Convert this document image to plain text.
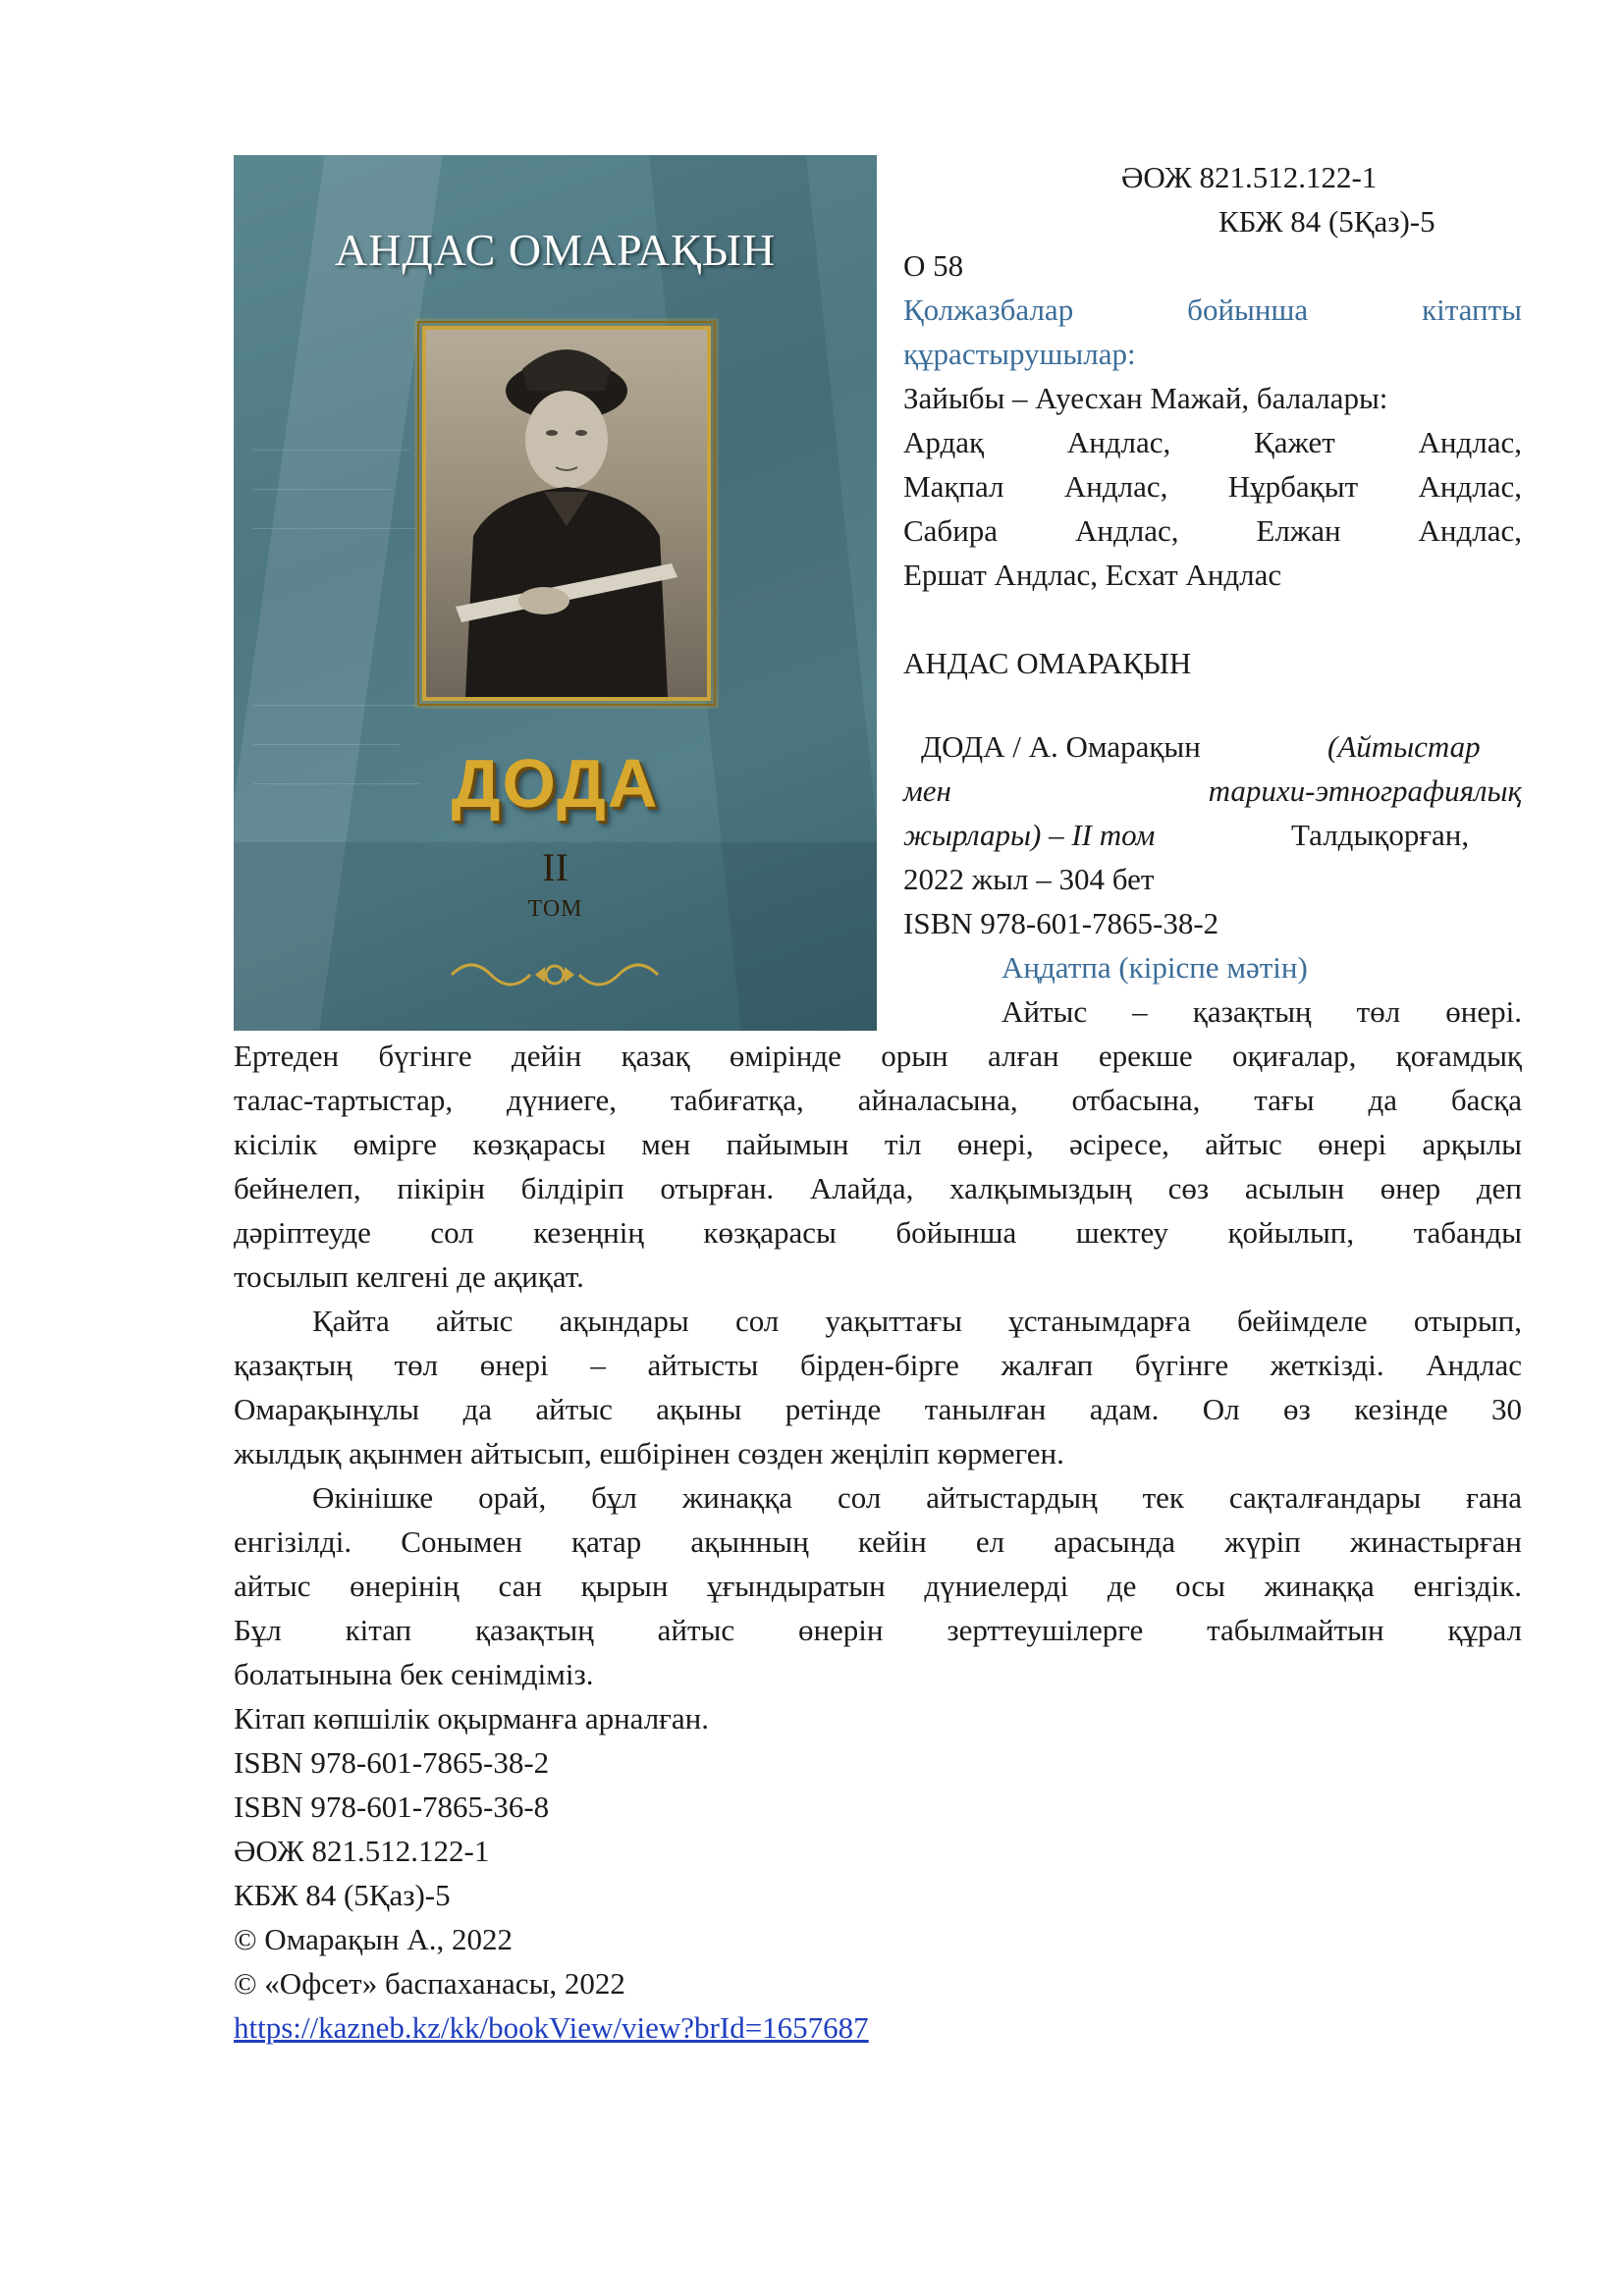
АНДАС ОМАРАҚЫН
ДОДА
II
ТОМ
ӘОЖ 821.512.122-1
КБЖ 84 (5Қаз)-5
О 58
Қолжазбалар бойынша кітапты
құрастырушылар:
Зайыбы – Ауесхан Мажай, балалары:
Ардақ Андлас, Қажет Андлас,
Мақпал Андлас, Нұрбақыт Андлас,
Сабира Андлас, Елжан Андлас,
Ершат Андлас, Есхат Андлас
АНДАС ОМАРАҚЫН
ДОДА / А. Омарақын	(Айтыстар
мен тарихи-этнографиялық
жырлары) – II том	Талдықорған,
2022 жыл – 304 бет
ISBN 978-601-7865-38-2
Аңдатпа (кіріспе мәтін)
Айтыс – қазақтың төл өнері.
Ертеден бүгінге дейін қазақ өмірінде орын алған ерекше оқиғалар, қоғамдық
талас-тартыстар, дүниеге, табиғатқа, айналасына, отбасына, тағы да басқа
кісілік өмірге көзқарасы мен пайымын тіл өнері, әсіресе, айтыс өнері арқылы
бейнелеп, пікірін білдіріп отырған. Алайда, халқымыздың сөз асылын өнер деп
дәріптеуде сол кезеңнің көзқарасы бойынша шектеу қойылып, табанды
тосылып келгені де ақиқат.
Қайта айтыс ақындары сол уақыттағы ұстанымдарға бейімделе отырып,
қазақтың төл өнері – айтысты бірден-бірге жалғап бүгінге жеткізді. Андлас
Омарақынұлы да айтыс ақыны ретінде танылған адам. Ол өз кезінде 30
жылдық ақынмен айтысып, ешбірінен сөзден жеңіліп көрмеген.
Өкінішке орай, бұл жинаққа сол айтыстардың тек сақталғандары ғана
енгізілді. Сонымен қатар ақынның кейін ел арасында жүріп жинастырған
айтыс өнерінің сан қырын ұғындыратын дүниелерді де осы жинаққа енгіздік.
Бұл кітап қазақтың айтыс өнерін зерттеушілерге табылмайтын құрал
болатынына бек сенімдіміз.
Кітап көпшілік оқырманға арналған.
ISBN 978-601-7865-38-2
ISBN 978-601-7865-36-8
ӘОЖ 821.512.122-1
КБЖ 84 (5Қаз)-5
© Омарақын А., 2022
© «Офсет» баспаханасы, 2022
https://kazneb.kz/kk/bookView/view?brId=1657687
